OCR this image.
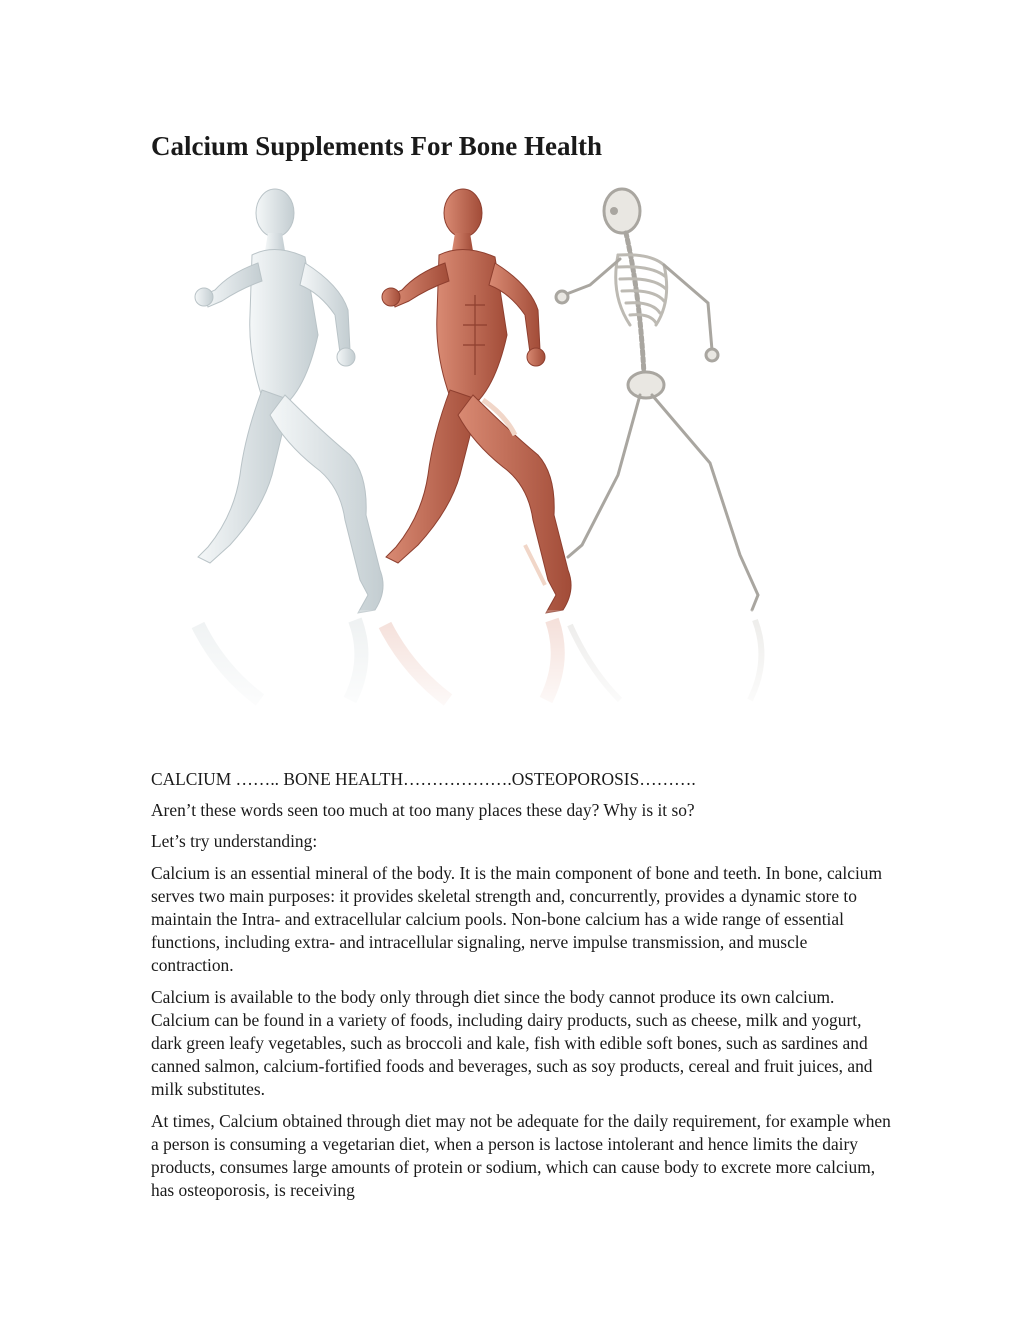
Calcium Supplements For Bone Health

CALCIUM …….. BONE HEALTH……………….OSTEOPOROSIS……….

Aren’t these words seen too much at too many places these day? Why is it so?

Let’s try understanding:

Calcium is an essential mineral of the body. It is the main component of bone and teeth. In bone, calcium serves two main purposes: it provides skeletal strength and, concurrently, provides a dynamic store to maintain the Intra- and extracellular calcium pools. Non-bone calcium has a wide range of essential functions, including extra- and intracellular signaling, nerve impulse transmission, and muscle contraction.

Calcium is available to the body only through diet since the body cannot produce its own calcium. Calcium can be found in a variety of foods, including dairy products, such as cheese, milk and yogurt, dark green leafy vegetables, such as broccoli and kale, fish with edible soft bones, such as sardines and canned salmon, calcium-fortified foods and beverages, such as soy products, cereal and fruit juices, and milk substitutes.

At times, Calcium obtained through diet may not be adequate for the daily requirement, for example when a person is consuming a vegetarian diet, when a person is lactose intolerant and hence limits the dairy products, consumes large amounts of protein or sodium, which can cause body to excrete more calcium, has osteoporosis, is receiving
